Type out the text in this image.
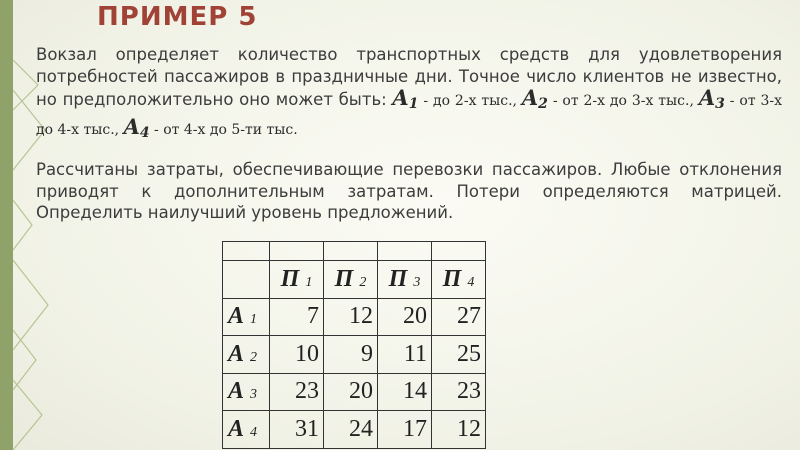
ПРИМЕР 5

Вокзал определяет количество транспортных средств для удовлетворения потребностей пассажиров в праздничные дни. Точное число клиентов не известно, но предположительно оно может быть: $A_1$ - до 2-х тыс., $A_2$ - от 2-х до 3-х тыс., $A_3$ - от 3-х до 4-х тыс., $A_4$ - от 4-х до 5-ти тыс.

Рассчитаны затраты, обеспечивающие перевозки пассажиров. Любые отклонения приводят к дополнительным затратам. Потери определяются матрицей. Определить наилучший уровень предложений.

	П 1	П 2	П 3	П 4
А 1	7	12	20	27
А 2	10	9	11	25
А 3	23	20	14	23
А 4	31	24	17	12
